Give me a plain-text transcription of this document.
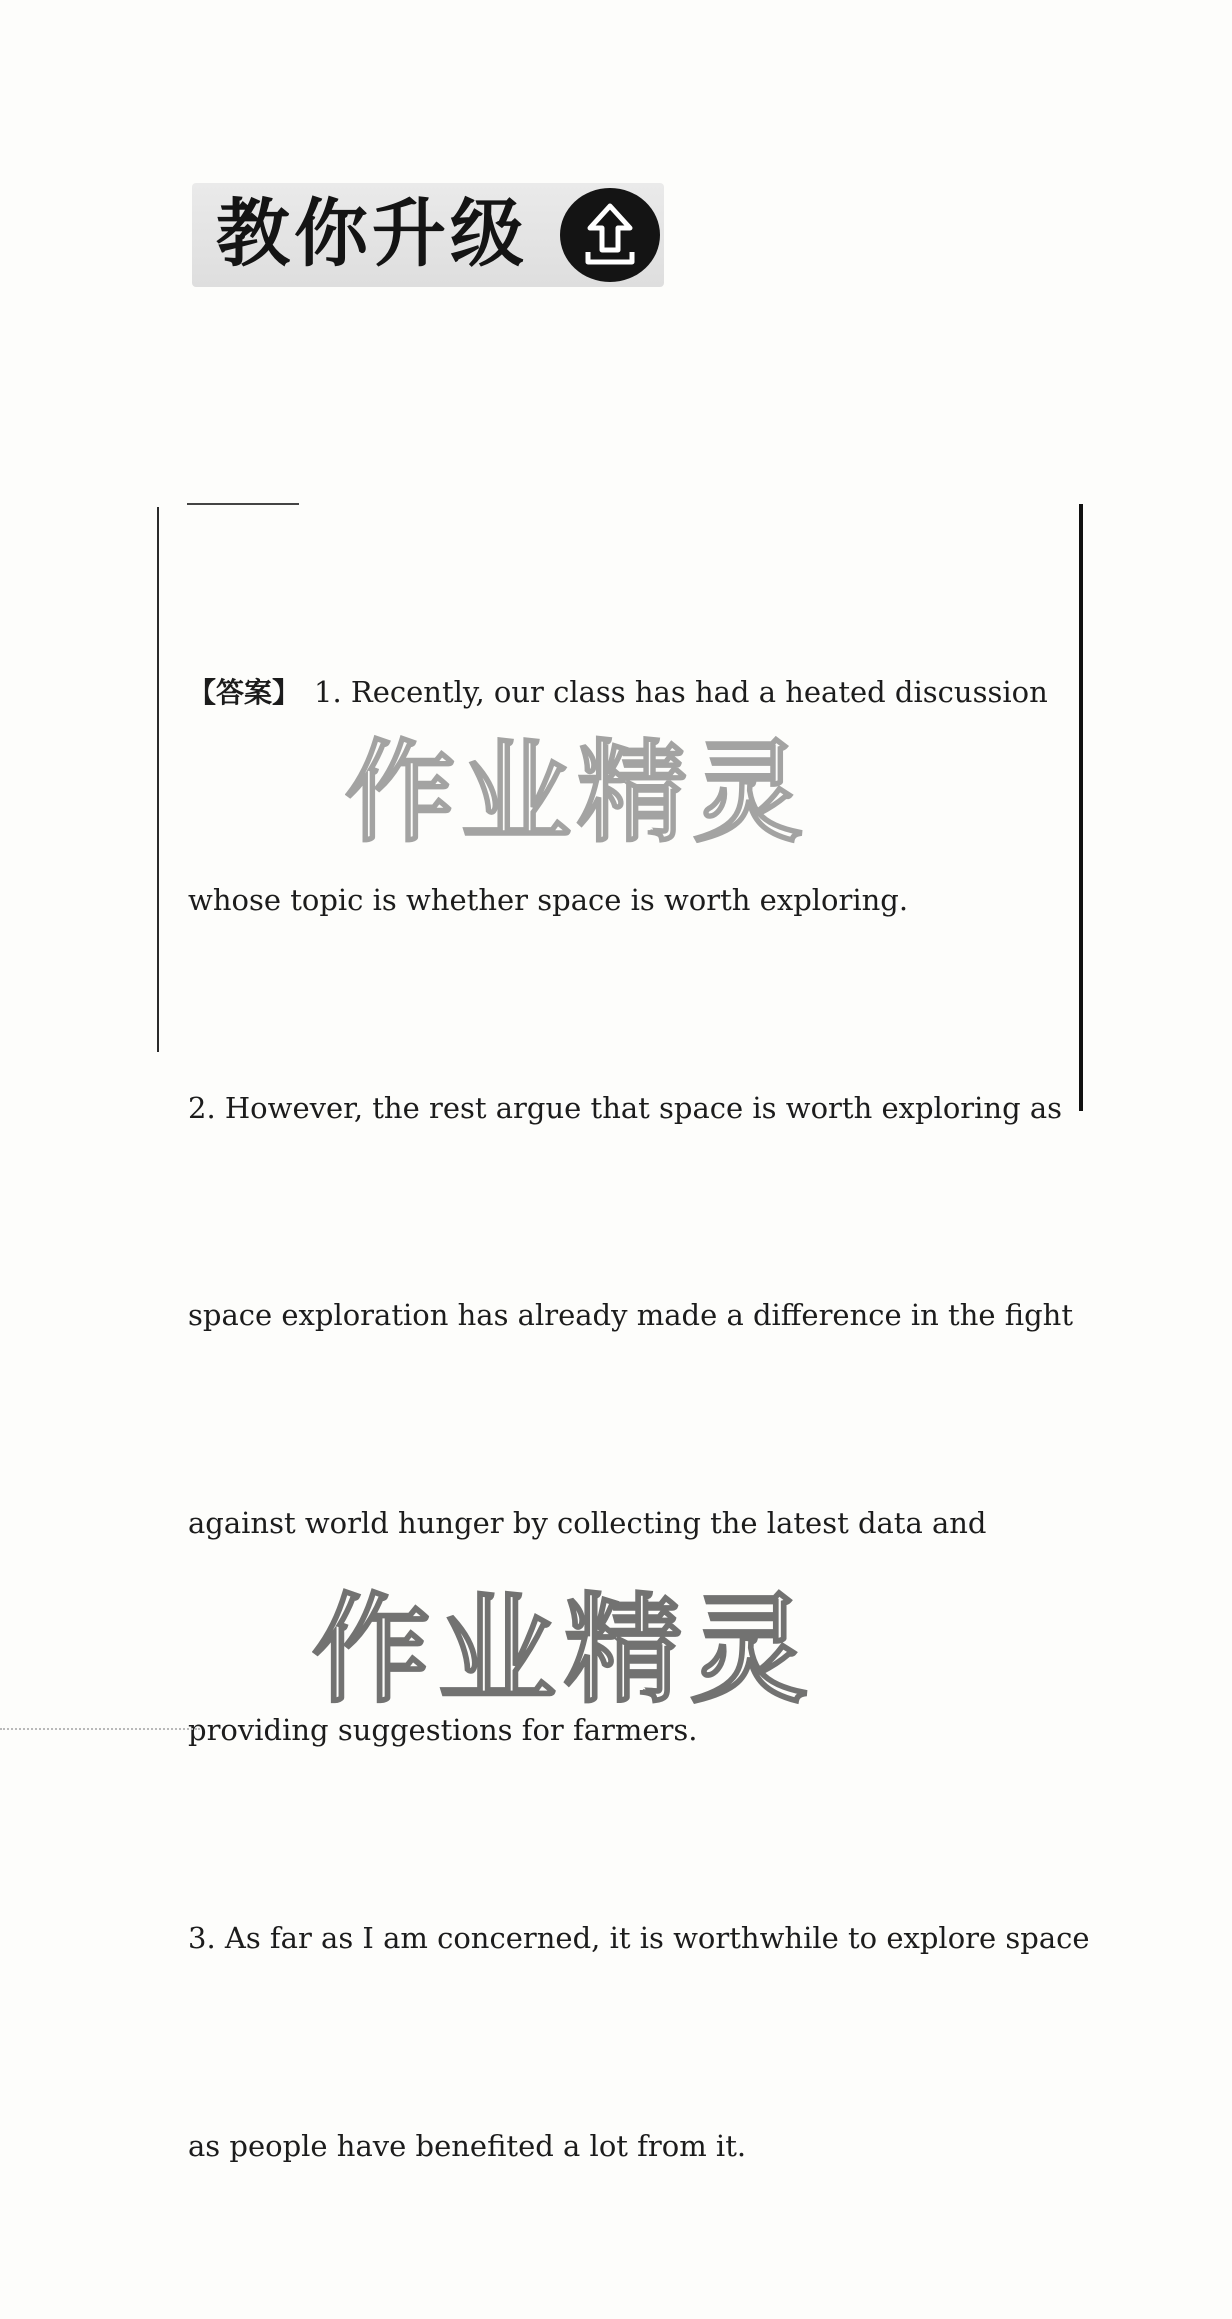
教你升级

【答案】 1. Recently, our class has had a heated discussion

whose topic is whether space is worth exploring.

2. However, the rest argue that space is worth exploring as

space exploration has already made a difference in the fight

against world hunger by collecting the latest data and

providing suggestions for farmers.

3. As far as I am concerned, it is worthwhile to explore space

as people have benefited a lot from it.

作业精灵
作业精灵
